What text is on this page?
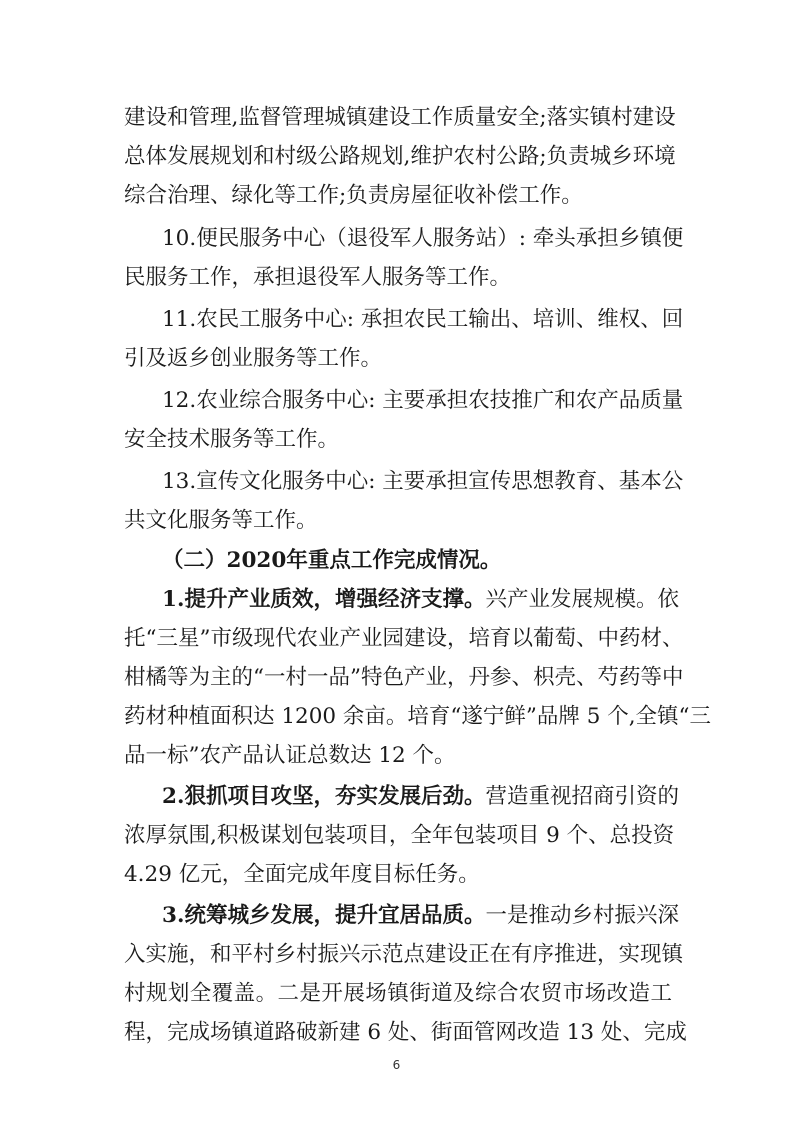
建设和管理,监督管理城镇建设工作质量安全;落实镇村建设
总体发展规划和村级公路规划,维护农村公路;负责城乡环境
综合治理、绿化等工作;负责房屋征收补偿工作。
10.便民服务中心（退役军人服务站）: 牵头承担乡镇便
民服务工作，承担退役军人服务等工作。
11.农民工服务中心: 承担农民工输出、培训、维权、回
引及返乡创业服务等工作。
12.农业综合服务中心: 主要承担农技推广和农产品质量
安全技术服务等工作。
13.宣传文化服务中心: 主要承担宣传思想教育、基本公
共文化服务等工作。
（二）2020年重点工作完成情况。
1.提升产业质效，增强经济支撑。兴产业发展规模。依
托“三星”市级现代农业产业园建设，培育以葡萄、中药材、
柑橘等为主的“一村一品”特色产业，丹参、枳壳、芍药等中
药材种植面积达 1200 余亩。培育“遂宁鲜”品牌 5 个,全镇“三
品一标”农产品认证总数达 12 个。
2.狠抓项目攻坚，夯实发展后劲。营造重视招商引资的
浓厚氛围,积极谋划包装项目，全年包装项目 9 个、总投资
4.29 亿元，全面完成年度目标任务。
3.统筹城乡发展，提升宜居品质。一是推动乡村振兴深
入实施，和平村乡村振兴示范点建设正在有序推进，实现镇
村规划全覆盖。二是开展场镇街道及综合农贸市场改造工
程，完成场镇道路破新建 6 处、街面管网改造 13 处、完成
6
